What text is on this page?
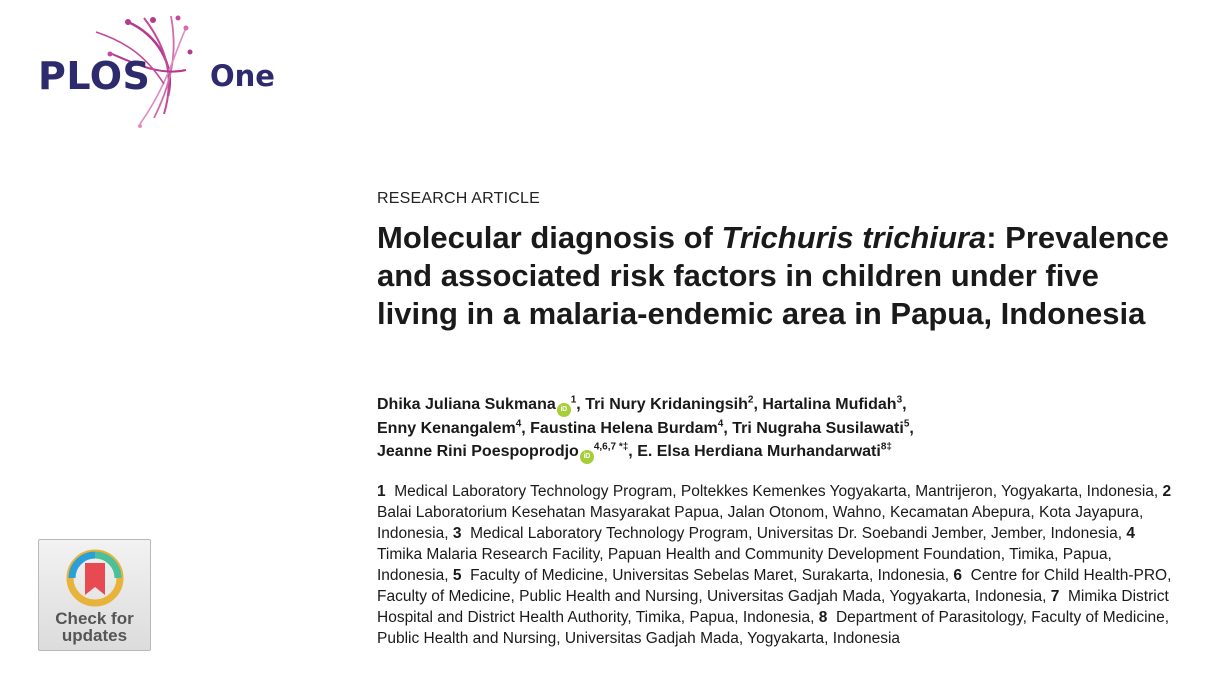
PLOS One
Check for
updates
RESEARCH ARTICLE
Molecular diagnosis of Trichuris trichiura: Prevalence and associated risk factors in children under five living in a malaria-endemic area in Papua, Indonesia
Dhika Juliana Sukmana $iD^1$, Tri Nury Kridaningsih$^2$, Hartalina Mufidah$^3$,
Enny Kenangalem$^4$, Faustina Helena Burdam$^4$, Tri Nugraha Susilawati$^5$,
Jeanne Rini Poespoprodjo $iD^{4,6,7 *\ddagger}$, E. Elsa Herdiana Murhandarwati$^{8\ddagger}$
1 Medical Laboratory Technology Program, Poltekkes Kemenkes Yogyakarta, Mantrijeron, Yogyakarta, Indonesia, 2  Balai Laboratorium Kesehatan Masyarakat Papua, Jalan Otonom, Wahno, Kecamatan Abepura, Kota Jayapura, Indonesia, 3 Medical Laboratory Technology Program, Universitas Dr. Soebandi Jember, Jember, Indonesia, 4  Timika Malaria Research Facility, Papuan Health and Community Development Foundation, Timika, Papua, Indonesia, 5 Faculty of Medicine, Universitas Sebelas Maret, Surakarta, Indonesia, 6 Centre for Child Health-PRO, Faculty of Medicine, Public Health and Nursing, Universitas Gadjah Mada, Yogyakarta, Indonesia, 7 Mimika District Hospital and District Health Authority, Timika, Papua, Indonesia, 8 Department of Parasitology, Faculty of Medicine, Public Health and Nursing, Universitas Gadjah Mada, Yogyakarta, Indonesia
